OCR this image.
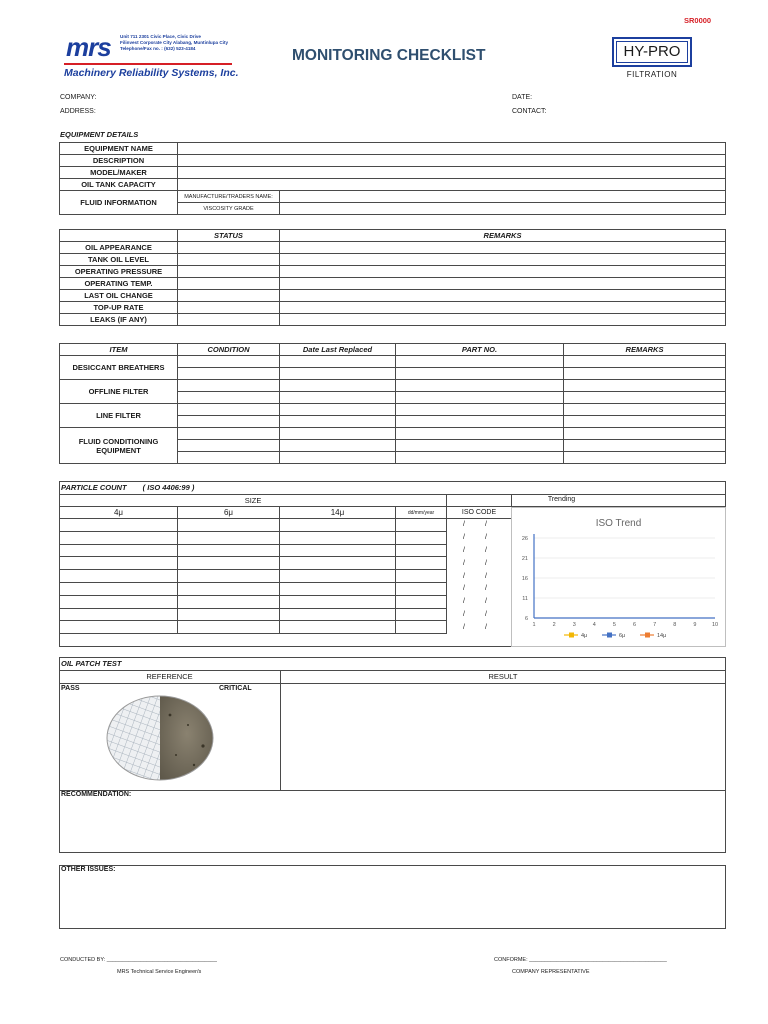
SR0000
mrs Unit 711 2301 Civic Place, Civic Drive
Filinvest Corporate City Alabang, Muntinlupa City
Telephone/Fax no. : (632) 523-4184
Machinery Reliability Systems, Inc.
MONITORING CHECKLIST	HY-PRO
FILTRATION
COMPANY:
ADDRESS:
DATE:
CONTACT:
EQUIPMENT DETAILS
EQUIPMENT NAME		
DESCRIPTION		
MODEL/MAKER		
OIL TANK CAPACITY		
FLUID INFORMATION	MANUFACTURE/TRADERS NAME:	
	VISCOSITY GRADE	
	STATUS	REMARKS
OIL APPEARANCE		
TANK OIL LEVEL		
OPERATING PRESSURE		
OPERATING TEMP.		
LAST OIL CHANGE		
TOP-UP RATE		
LEAKS (IF ANY)		
ITEM	CONDITION	Date Last Replaced	PART NO.	REMARKS
DESICCANT BREATHERS				

OFFLINE FILTER				

LINE FILTER				

FLUID CONDITIONING EQUIPMENT				

PARTICLE COUNT ( ISO 4406:99 )
SIZE				
4μ	6μ	14μ	dd/mm/year	ISO CODE
				/ /
				/ /
				/ /
				/ /
				/ /
				/ /
				/ /
				/ /
				/ /
Trending
ISO Trend
6
11
16
21
26
1	2	3	4	5	6	7	8	9	10
4μ	6μ	14μ
OIL PATCH TEST
REFERENCE	RESULT
PASS	CRITICAL
RECOMMENDATION:
OTHER ISSUES:
CONDUCTED BY: ____________________________________
MRS Technical Service Engineer/s
CONFORME: _____________________________________________
COMPANY REPRESENTATIVE
